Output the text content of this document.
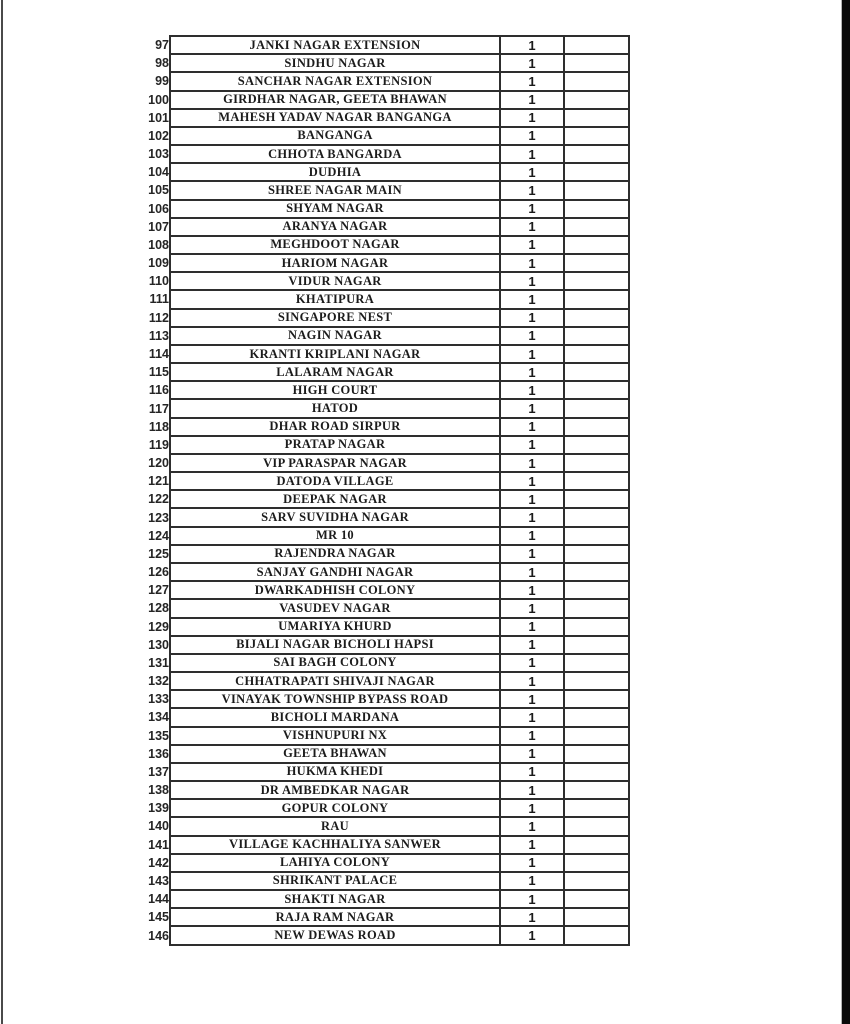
97	JANKI NAGAR EXTENSION	1	
98	SINDHU NAGAR	1	
99	SANCHAR NAGAR EXTENSION	1	
100	GIRDHAR NAGAR, GEETA BHAWAN	1	
101	MAHESH YADAV NAGAR BANGANGA	1	
102	BANGANGA	1	
103	CHHOTA BANGARDA	1	
104	DUDHIA	1	
105	SHREE NAGAR MAIN	1	
106	SHYAM NAGAR	1	
107	ARANYA NAGAR	1	
108	MEGHDOOT NAGAR	1	
109	HARIOM NAGAR	1	
110	VIDUR NAGAR	1	
111	KHATIPURA	1	
112	SINGAPORE NEST	1	
113	NAGIN NAGAR	1	
114	KRANTI KRIPLANI NAGAR	1	
115	LALARAM NAGAR	1	
116	HIGH COURT	1	
117	HATOD	1	
118	DHAR ROAD SIRPUR	1	
119	PRATAP NAGAR	1	
120	VIP PARASPAR NAGAR	1	
121	DATODA VILLAGE	1	
122	DEEPAK NAGAR	1	
123	SARV SUVIDHA NAGAR	1	
124	MR 10	1	
125	RAJENDRA NAGAR	1	
126	SANJAY GANDHI NAGAR	1	
127	DWARKADHISH COLONY	1	
128	VASUDEV NAGAR	1	
129	UMARIYA KHURD	1	
130	BIJALI NAGAR BICHOLI HAPSI	1	
131	SAI BAGH COLONY	1	
132	CHHATRAPATI SHIVAJI NAGAR	1	
133	VINAYAK TOWNSHIP BYPASS ROAD	1	
134	BICHOLI MARDANA	1	
135	VISHNUPURI NX	1	
136	GEETA BHAWAN	1	
137	HUKMA KHEDI	1	
138	DR AMBEDKAR NAGAR	1	
139	GOPUR COLONY	1	
140	RAU	1	
141	VILLAGE KACHHALIYA SANWER	1	
142	LAHIYA COLONY	1	
143	SHRIKANT PALACE	1	
144	SHAKTI NAGAR	1	
145	RAJA RAM NAGAR	1	
146	NEW DEWAS ROAD	1	
